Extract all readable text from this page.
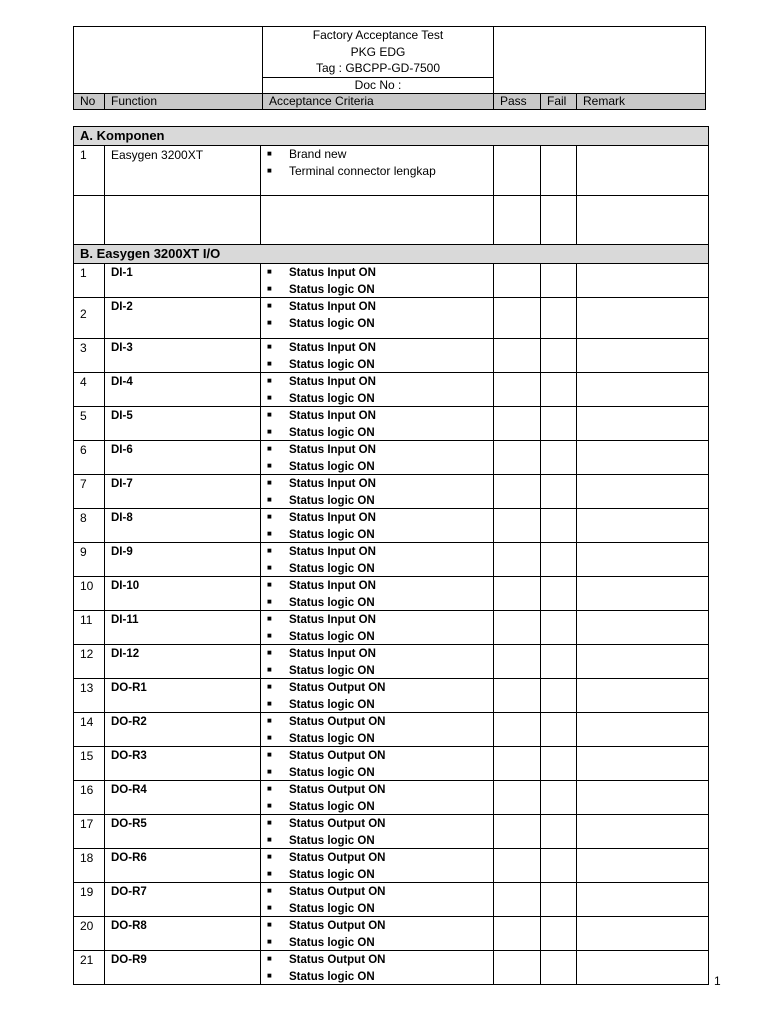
		Factory Acceptance Test
PKG EDG
Tag : GBCPP-GD-7500			

		Doc No :			
No	Function	Acceptance Criteria	Pass	Fail	Remark
A. Komponen					
1	Easygen 3200XT	■ Brand new
■ Terminal connector lengkap			

B. Easygen 3200XT I/O					
1	DI-1	■ Status Input ON
■ Status logic ON			

2	DI-2	■ Status Input ON
■ Status logic ON			

3	DI-3	■ Status Input ON
■ Status logic ON			

4	DI-4	■ Status Input ON
■ Status logic ON			

5	DI-5	■ Status Input ON
■ Status logic ON			

6	DI-6	■ Status Input ON
■ Status logic ON			

7	DI-7	■ Status Input ON
■ Status logic ON			

8	DI-8	■ Status Input ON
■ Status logic ON			

9	DI-9	■ Status Input ON
■ Status logic ON			

10	DI-10	■ Status Input ON
■ Status logic ON			

11	DI-11	■ Status Input ON
■ Status logic ON			

12	DI-12	■ Status Input ON
■ Status logic ON			

13	DO-R1	■ Status Output ON
■ Status logic ON			

14	DO-R2	■ Status Output ON
■ Status logic ON			

15	DO-R3	■ Status Output ON
■ Status logic ON			

16	DO-R4	■ Status Output ON
■ Status logic ON			

17	DO-R5	■ Status Output ON
■ Status logic ON			

18	DO-R6	■ Status Output ON
■ Status logic ON			

19	DO-R7	■ Status Output ON
■ Status logic ON			

20	DO-R8	■ Status Output ON
■ Status logic ON			

21	DO-R9	■ Status Output ON
■ Status logic ON			
				1
